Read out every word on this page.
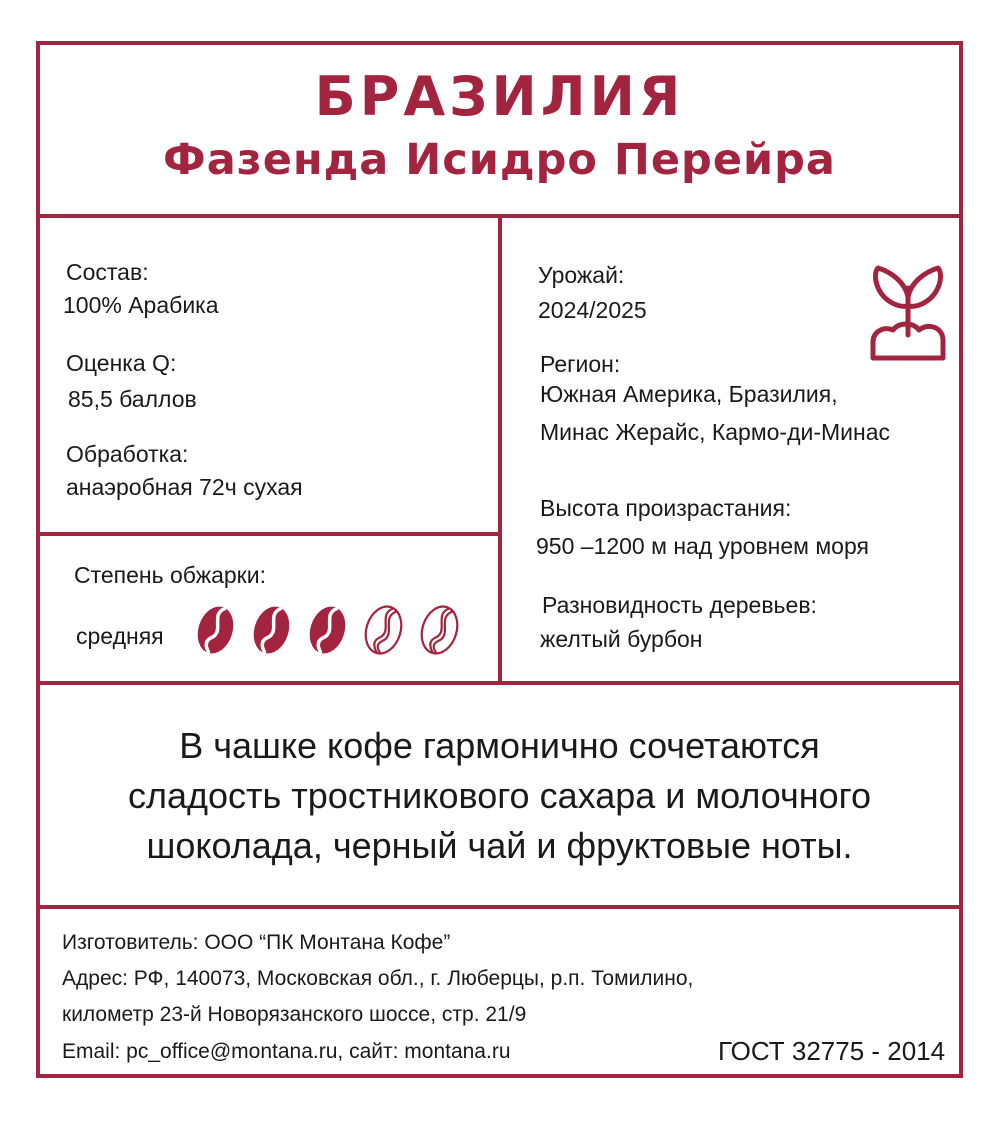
БРАЗИЛИЯ
Фазенда Исидро Перейра
Состав:
100% Арабика
Оценка Q:
85,5 баллов
Обработка:
анаэробная 72ч сухая
Степень обжарки:
средняя
Урожай:
2024/2025
Регион:
Южная Америка, Бразилия,
Минас Жерайс, Кармо-ди-Минас
Высота произрастания:
950 –1200 м над уровнем моря
Разновидность деревьев:
желтый бурбон
В чашке кофе гармонично сочетаются
сладость тростникового сахара и молочного
шоколада, черный чай и фруктовые ноты.
Изготовитель: ООО “ПК Монтана Кофе”
Адрес: РФ, 140073, Московская обл., г. Люберцы, р.п. Томилино,
километр 23-й Новорязанского шоссе, стр. 21/9
Email: pc_office@montana.ru, сайт: montana.ru	ГОСТ 32775 - 2014
